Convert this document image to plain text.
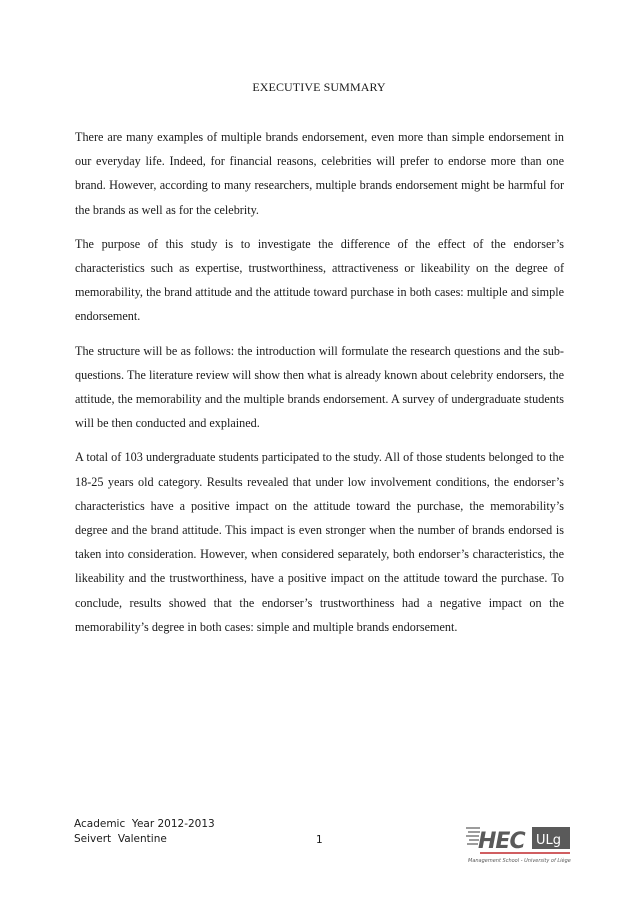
EXECUTIVE SUMMARY

There are many examples of multiple brands endorsement, even more than simple endorsement in our everyday life. Indeed, for financial reasons, celebrities will prefer to endorse more than one brand. However, according to many researchers, multiple brands endorsement might be harmful for the brands as well as for the celebrity.

The purpose of this study is to investigate the difference of the effect of the endorser’s characteristics such as expertise, trustworthiness, attractiveness or likeability on the degree of memorability, the brand attitude and the attitude toward purchase in both cases: multiple and simple endorsement.

The structure will be as follows: the introduction will formulate the research questions and the sub-questions. The literature review will show then what is already known about celebrity endorsers, the attitude, the memorability and the multiple brands endorsement. A survey of undergraduate students will be then conducted and explained.

A total of 103 undergraduate students participated to the study. All of those students belonged to the 18-25 years old category. Results revealed that under low involvement conditions, the endorser’s characteristics have a positive impact on the attitude toward the purchase, the memorability’s degree and the brand attitude. This impact is even stronger when the number of brands endorsed is taken into consideration. However, when considered separately, both endorser’s characteristics, the likeability and the trustworthiness, have a positive impact on the attitude toward the purchase. To conclude, results showed that the endorser’s trustworthiness had a negative impact on the memorability’s degree in both cases: simple and multiple brands endorsement.

Academic  Year 2012-2013
Seivert  Valentine	1	HEC ULg
Management School - University of Liège
